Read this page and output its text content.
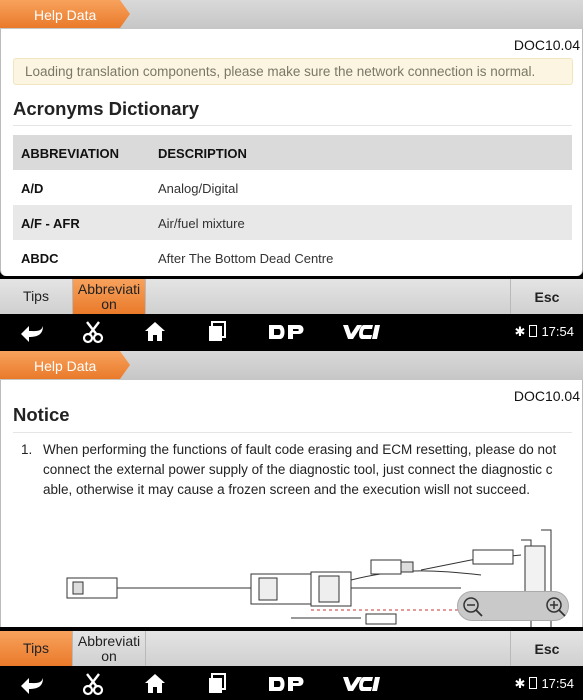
Help Data
DOC10.04
Loading translation components, please make sure the network connection is normal.
Acronyms Dictionary
ABBREVIATION	DESCRIPTION
A/D	Analog/Digital
A/F - AFR	Air/fuel mixture
ABDC	After The Bottom Dead Centre
Tips Abbreviati
on	Esc
✱ 17:54
Help Data
DOC10.04
Notice
1. When performing the functions of fault code erasing and ECM resetting, please do not connect the external power supply of the diagnostic tool, just connect the diagnostic c able, otherwise it may cause a frozen screen and the execution wisll not succeed.
Tips Abbreviati
on	Esc
✱ 17:54
